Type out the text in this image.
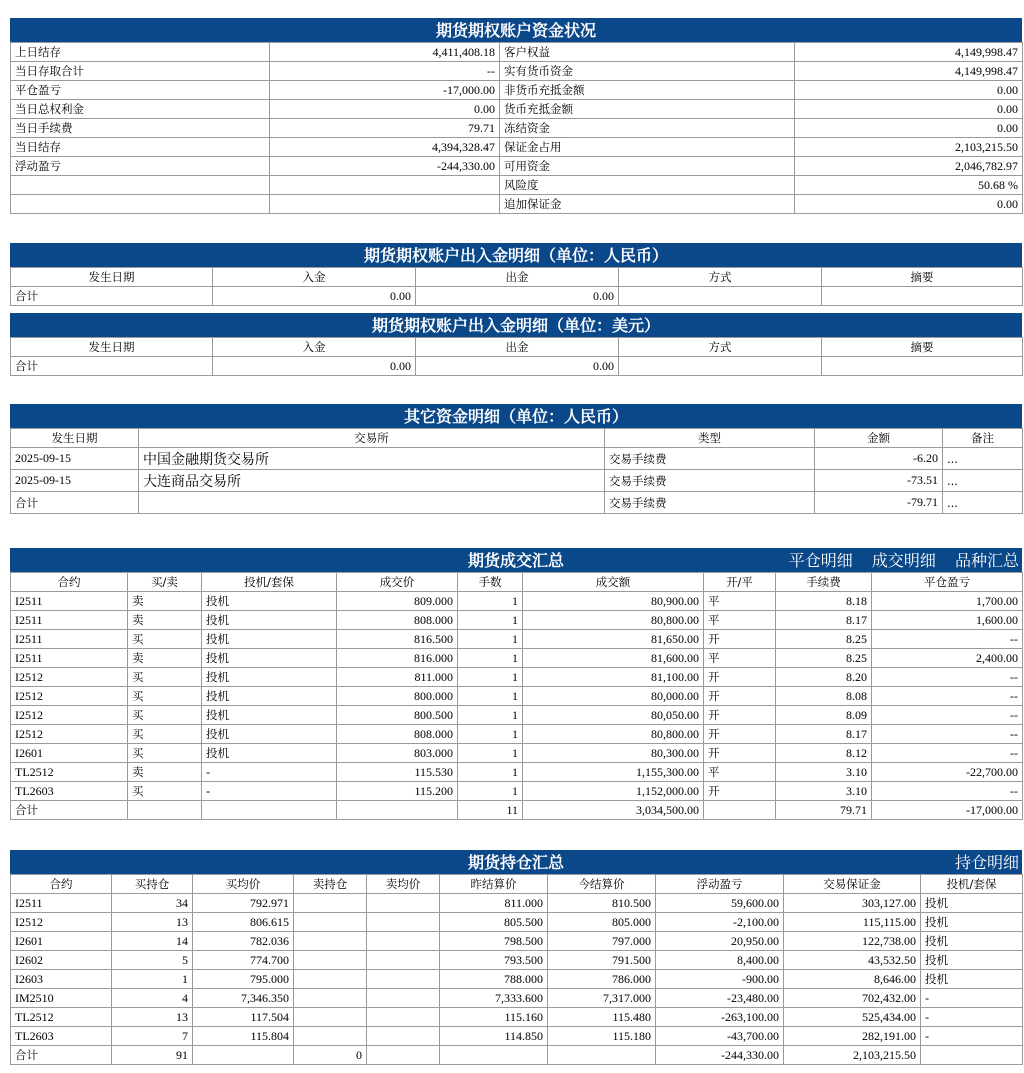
期货期权账户资金状况
上日结存	4,411,408.18	客户权益	4,149,998.47
当日存取合计	--	实有货币资金	4,149,998.47
平仓盈亏	-17,000.00	非货币充抵金额	0.00
当日总权利金	0.00	货币充抵金额	0.00
当日手续费	79.71	冻结资金	0.00
当日结存	4,394,328.47	保证金占用	2,103,215.50
浮动盈亏	-244,330.00	可用资金	2,046,782.97
		风险度	50.68 %
		追加保证金	0.00
期货期权账户出入金明细（单位：人民币）
发生日期	入金	出金	方式	摘要
合计	0.00	0.00		
期货期权账户出入金明细（单位：美元）
发生日期	入金	出金	方式	摘要
合计	0.00	0.00		
其它资金明细（单位：人民币）
发生日期	交易所	类型	金额	备注
2025-09-15	中国金融期货交易所	交易手续费	-6.20	...
2025-09-15	大连商品交易所	交易手续费	-73.51	...
合计		交易手续费	-79.71	...
期货成交汇总	平仓明细 成交明细 品种汇总
合约	买/卖	投机/套保	成交价	手数	成交额	开/平	手续费	平仓盈亏
I2511	卖	投机	809.000	1	80,900.00	平	8.18	1,700.00
I2511	卖	投机	808.000	1	80,800.00	平	8.17	1,600.00
I2511	买	投机	816.500	1	81,650.00	开	8.25	--
I2511	卖	投机	816.000	1	81,600.00	平	8.25	2,400.00
I2512	买	投机	811.000	1	81,100.00	开	8.20	--
I2512	买	投机	800.000	1	80,000.00	开	8.08	--
I2512	买	投机	800.500	1	80,050.00	开	8.09	--
I2512	买	投机	808.000	1	80,800.00	开	8.17	--
I2601	买	投机	803.000	1	80,300.00	开	8.12	--
TL2512	卖	-	115.530	1	1,155,300.00	平	3.10	-22,700.00
TL2603	买	-	115.200	1	1,152,000.00	开	3.10	--
合计				11	3,034,500.00		79.71	-17,000.00
期货持仓汇总	持仓明细
合约	买持仓	买均价	卖持仓	卖均价	昨结算价	今结算价	浮动盈亏	交易保证金	投机/套保
I2511	34	792.971			811.000	810.500	59,600.00	303,127.00	投机
I2512	13	806.615			805.500	805.000	-2,100.00	115,115.00	投机
I2601	14	782.036			798.500	797.000	20,950.00	122,738.00	投机
I2602	5	774.700			793.500	791.500	8,400.00	43,532.50	投机
I2603	1	795.000			788.000	786.000	-900.00	8,646.00	投机
IM2510	4	7,346.350			7,333.600	7,317.000	-23,480.00	702,432.00	-
TL2512	13	117.504			115.160	115.480	-263,100.00	525,434.00	-
TL2603	7	115.804			114.850	115.180	-43,700.00	282,191.00	-
合计	91		0				-244,330.00	2,103,215.50	
